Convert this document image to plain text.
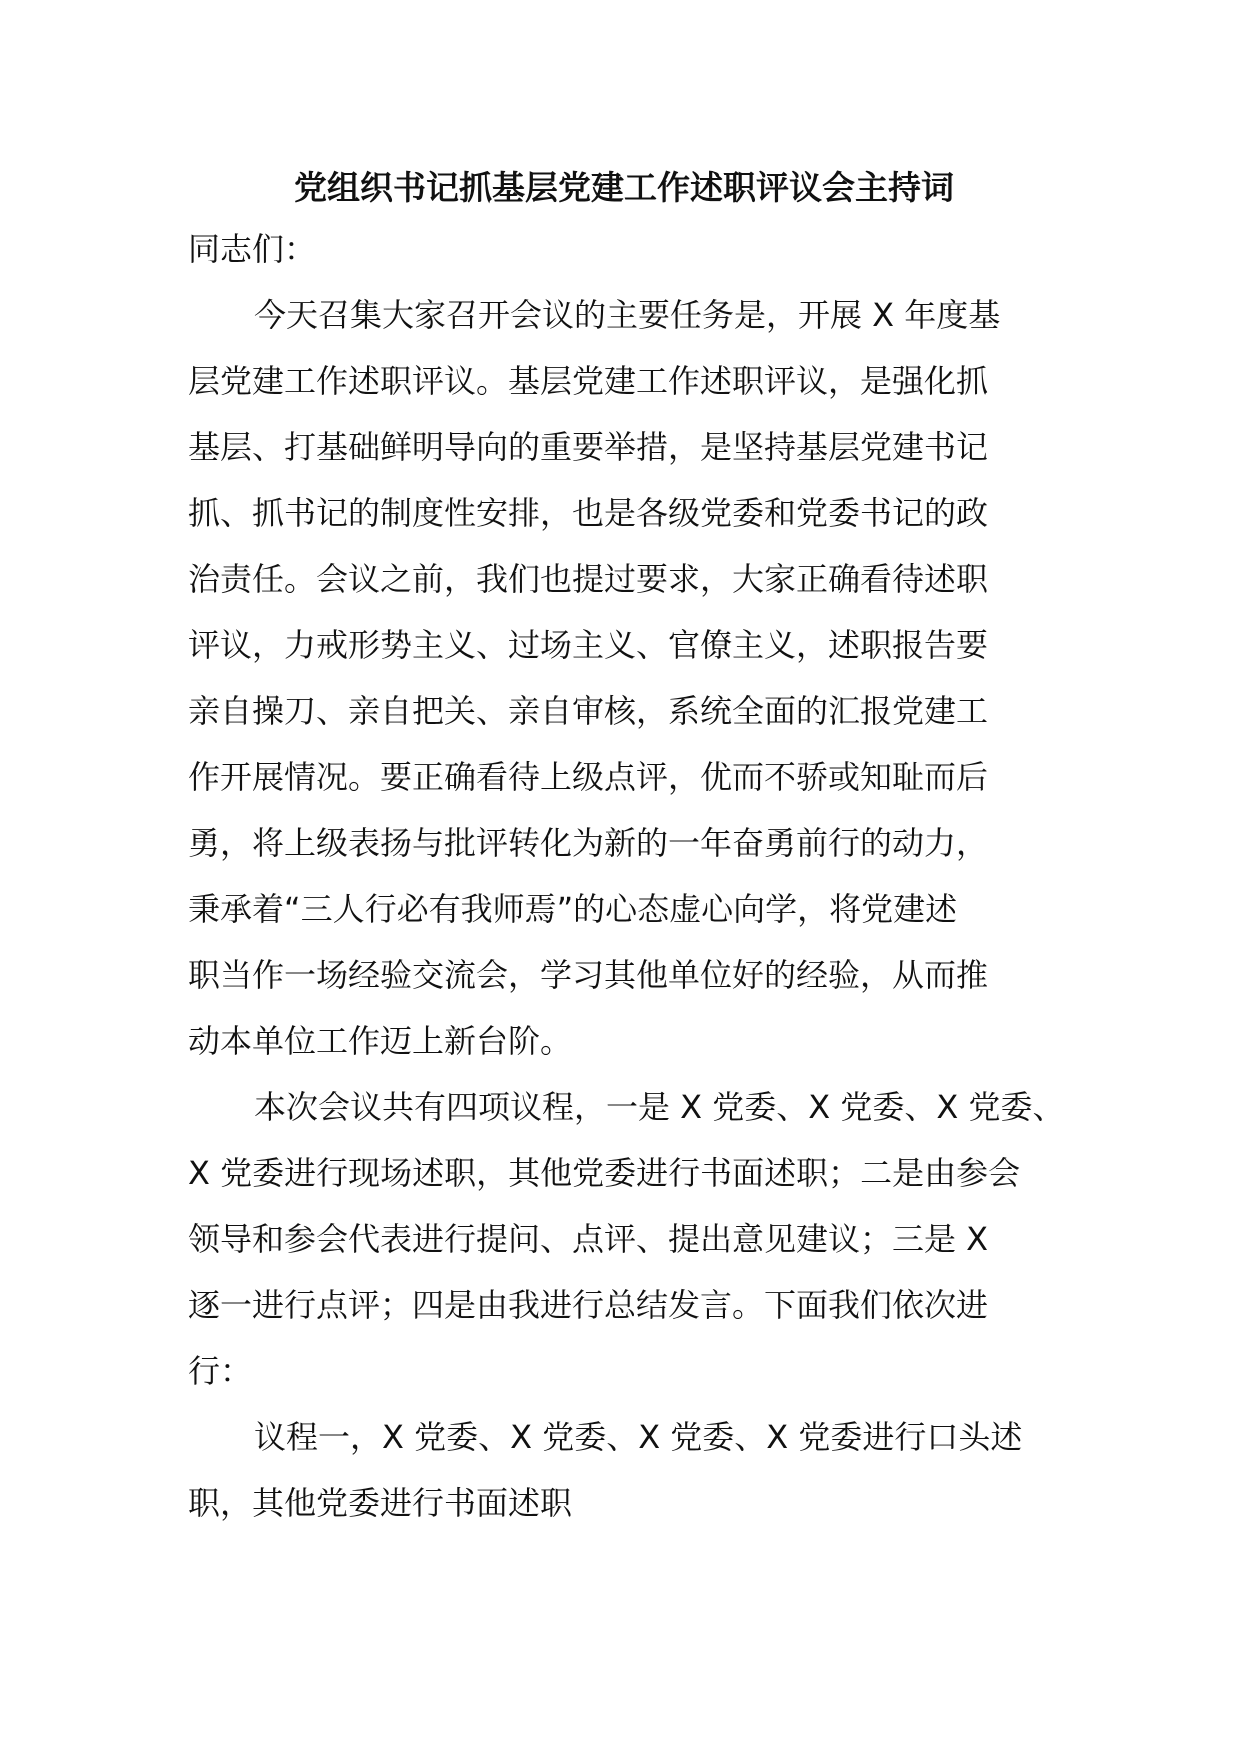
党组织书记抓基层党建工作述职评议会主持词

同志们：

今天召集大家召开会议的主要任务是，开展 X 年度基
层党建工作述职评议。基层党建工作述职评议，是强化抓
基层、打基础鲜明导向的重要举措，是坚持基层党建书记
抓、抓书记的制度性安排，也是各级党委和党委书记的政
治责任。会议之前，我们也提过要求，大家正确看待述职
评议，力戒形势主义、过场主义、官僚主义，述职报告要
亲自操刀、亲自把关、亲自审核，系统全面的汇报党建工
作开展情况。要正确看待上级点评，优而不骄或知耻而后
勇，将上级表扬与批评转化为新的一年奋勇前行的动力，
秉承着“三人行必有我师焉”的心态虚心向学，将党建述
职当作一场经验交流会，学习其他单位好的经验，从而推
动本单位工作迈上新台阶。

本次会议共有四项议程，一是 X 党委、X 党委、X 党委、
X 党委进行现场述职，其他党委进行书面述职；二是由参会
领导和参会代表进行提问、点评、提出意见建议；三是 X
逐一进行点评；四是由我进行总结发言。下面我们依次进
行：

议程一，X 党委、X 党委、X 党委、X 党委进行口头述
职，其他党委进行书面述职
